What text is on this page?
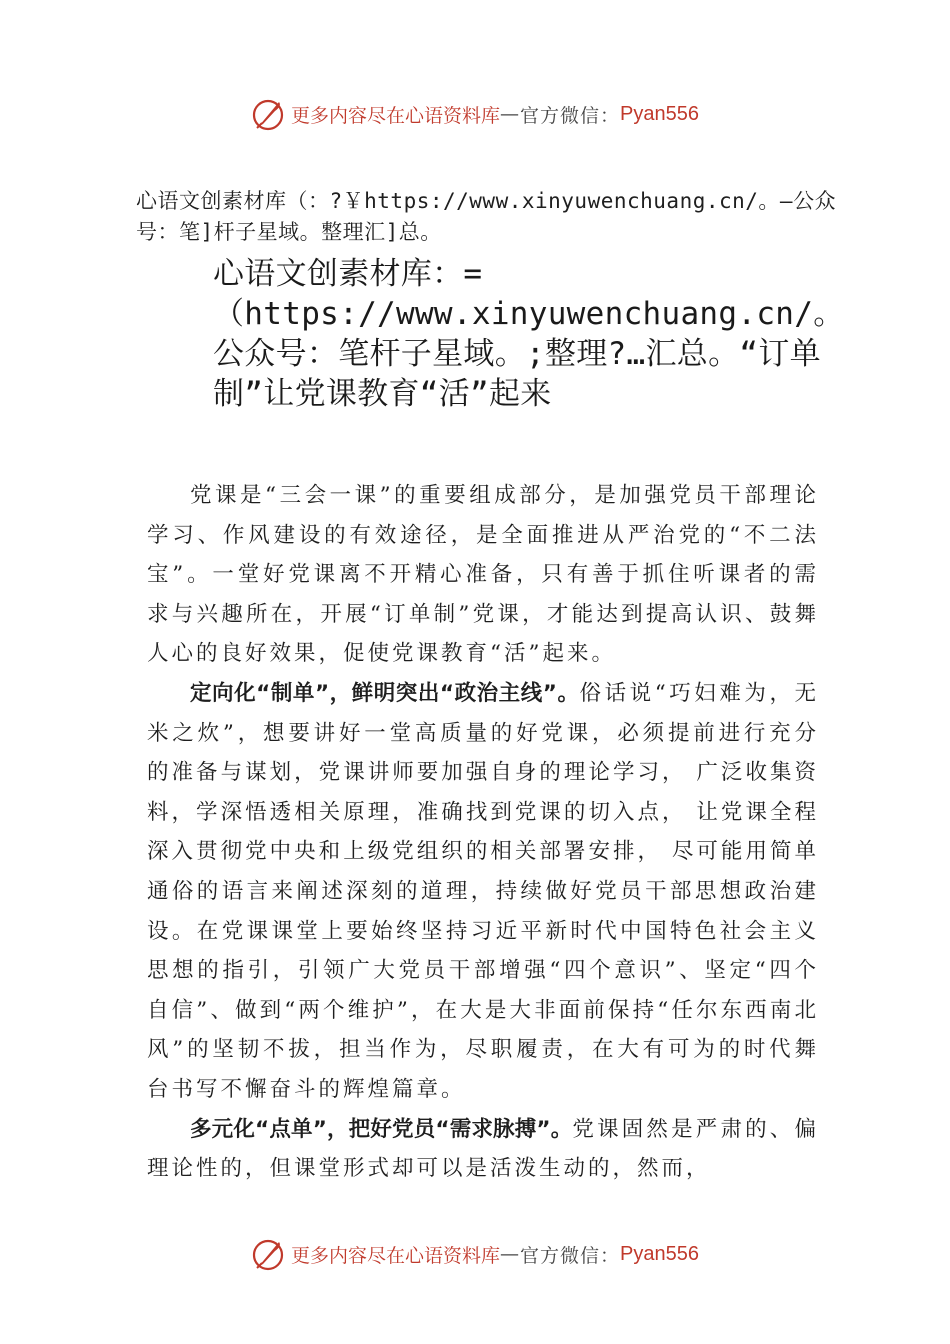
更多内容尽在心语资料库 — 官方微信： Pyan556
心语文创素材库（：?￥https://www.xinyuwenchuang.cn/。—公众号：笔]杆子星域。整理汇]总。
心语文创素材库：=（https://www.xinyuwenchuang.cn/。公众号：笔杆子星域。;整理?…汇总。“订单制”让党课教育“活”起来

党课是“三会一课”的重要组成部分，是加强党员干部理论学习、作风建设的有效途径，是全面推进从严治党的“不二法宝”。一堂好党课离不开精心准备，只有善于抓住听课者的需求与兴趣所在，开展“订单制”党课，才能达到提高认识、鼓舞人心的良好效果，促使党课教育“活”起来。

定向化“制单”，鲜明突出“政治主线”。俗话说“巧妇难为，无米之炊”，想要讲好一堂高质量的好党课，必须提前进行充分的准备与谋划，党课讲师要加强自身的理论学习， 广泛收集资料，学深悟透相关原理，准确找到党课的切入点， 让党课全程深入贯彻党中央和上级党组织的相关部署安排， 尽可能用简单通俗的语言来阐述深刻的道理，持续做好党员干部思想政治建设。在党课课堂上要始终坚持习近平新时代中国特色社会主义思想的指引，引领广大党员干部增强“四个意识”、坚定“四个自信”、做到“两个维护”，在大是大非面前保持“任尔东西南北风”的坚韧不拔，担当作为，尽职履责，在大有可为的时代舞台书写不懈奋斗的辉煌篇章。

多元化“点单”，把好党员“需求脉搏”。党课固然是严肃的、偏理论性的，但课堂形式却可以是活泼生动的，然而，

更多内容尽在心语资料库 — 官方微信： Pyan556
